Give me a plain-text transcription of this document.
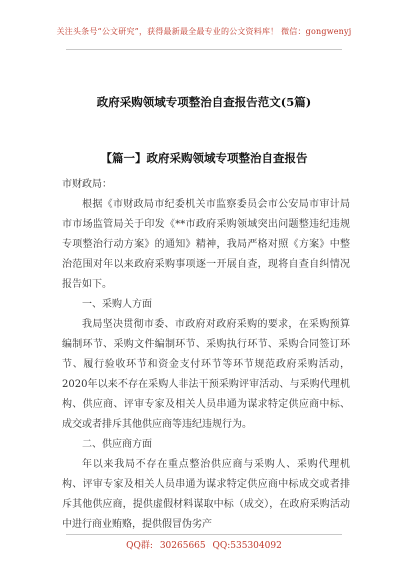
关注头条号“公文研究”，获得最新最全最专业的公文资料库！ 微信：gongwenyj
政府采购领域专项整治自查报告范文(5篇)
【篇一】政府采购领域专项整治自查报告

市财政局：

根据《市财政局市纪委机关市监察委员会市公安局市审计局市市场监管局关于印发《**市政府采购领域突出问题整违纪违规专项整治行动方案》的通知》精神，我局严格对照《方案》中整治范围对年以来政府采购事项逐一开展自查，现将自查自纠情况报告如下。

一、采购人方面

我局坚决贯彻市委、市政府对政府采购的要求，在采购预算编制环节、采购文件编制环节、采购执行环节、采购合同签订环节、履行验收环节和资金支付环节等环节规范政府采购活动，2020年以来不存在采购人非法干预采购评审活动、与采购代理机构、供应商、评审专家及相关人员串通为谋求特定供应商中标、成交或者排斥其他供应商等违纪违规行为。

二、供应商方面

年以来我局不存在重点整治供应商与采购人、采购代理机构、评审专家及相关人员串通为谋求特定供应商中标成交或者排斥其他供应商，提供虚假材料谋取中标（成交），在政府采购活动中进行商业贿赂，提供假冒伪劣产

QQ群: 30265665 QQ:535304092
